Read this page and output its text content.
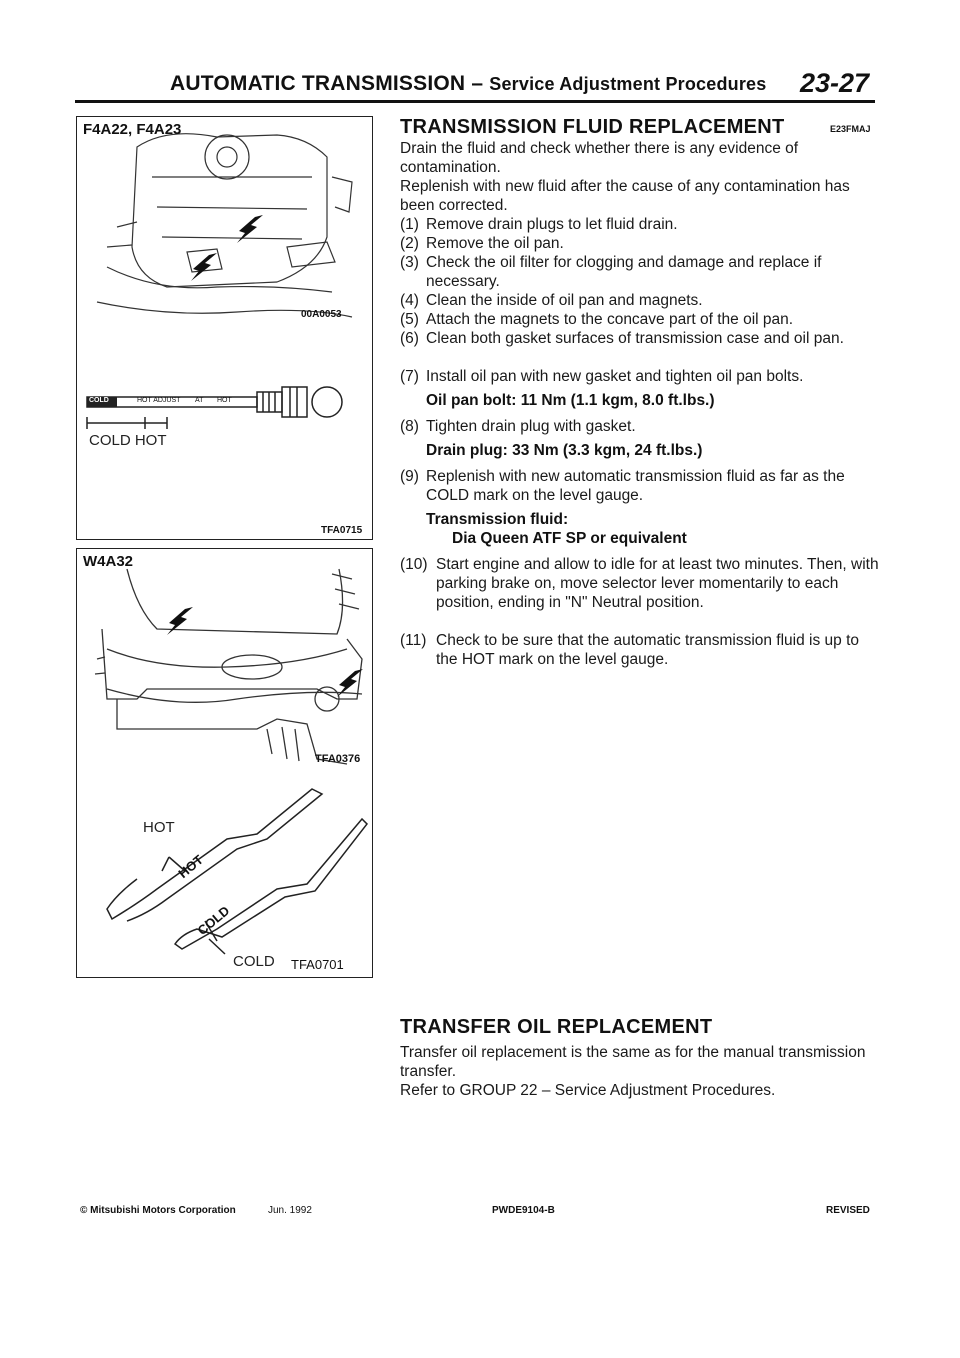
AUTOMATIC TRANSMISSION – Service Adjustment Procedures 23-27
F4A22, F4A23
00A0053
COLD	HOT ADJUST AT HOT
COLD HOT
TFA0715
W4A32
TFA0376
HOT
HOT
COLD
COLD TFA0701
TRANSMISSION FLUID REPLACEMENT	E23FMAJ
Drain the fluid and check whether there is any evidence of contamination.
Replenish with new fluid after the cause of any contamination has been corrected.
(1) Remove drain plugs to let fluid drain.
(2) Remove the oil pan.
(3) Check the oil filter for clogging and damage and replace if necessary.
(4) Clean the inside of oil pan and magnets.
(5) Attach the magnets to the concave part of the oil pan.
(6) Clean both gasket surfaces of transmission case and oil pan.
(7) Install oil pan with new gasket and tighten oil pan bolts.
Oil pan bolt: 11 Nm (1.1 kgm, 8.0 ft.lbs.)
(8) Tighten drain plug with gasket.
Drain plug: 33 Nm (3.3 kgm, 24 ft.lbs.)
(9) Replenish with new automatic transmission fluid as far as the COLD mark on the level gauge.
Transmission fluid:
Dia Queen ATF SP or equivalent
(10) Start engine and allow to idle for at least two minutes. Then, with parking brake on, move selector lever momentarily to each position, ending in "N" Neutral position.
(11) Check to be sure that the automatic transmission fluid is up to the HOT mark on the level gauge.
TRANSFER OIL REPLACEMENT
Transfer oil replacement is the same as for the manual transmission transfer.
Refer to GROUP 22 – Service Adjustment Procedures.
© Mitsubishi Motors Corporation	Jun. 1992	PWDE9104-B	REVISED
